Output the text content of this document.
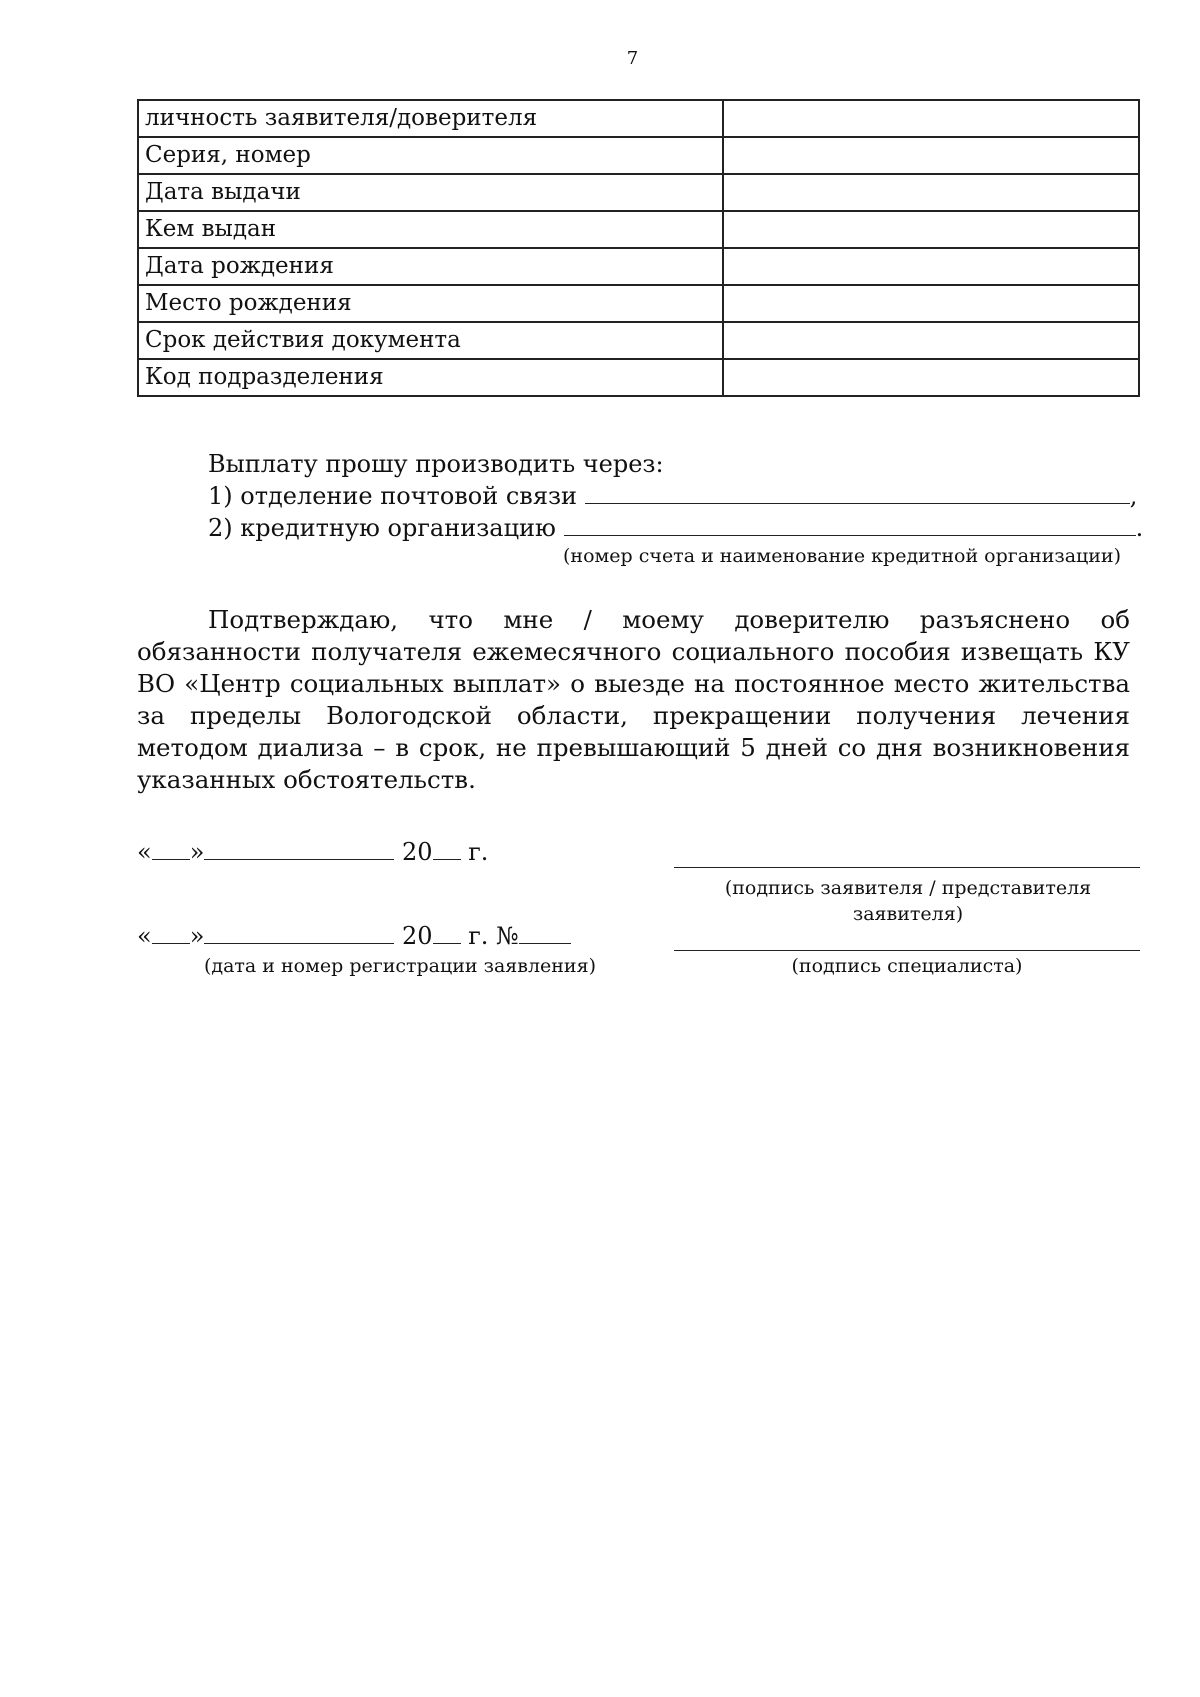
7
личность заявителя/доверителя	
Серия, номер	
Дата выдачи	
Кем выдан	
Дата рождения	
Место рождения	
Срок действия документа	
Код подразделения	
Выплату прошу производить через:
1) отделение почтовой связи	,
2) кредитную организацию	.
(номер счета и наименование кредитной организации)
Подтверждаю, что мне / моему доверителю разъяснено об обязанности получателя ежемесячного социального пособия извещать КУ ВО «Центр социальных выплат» о выезде на постоянное место жительства за пределы Вологодской области, прекращении получения лечения методом диализа – в срок, не превышающий 5 дней со дня возникновения указанных обстоятельств.
« »	20 г.
(подпись заявителя / представителя заявителя)
« »	20 г. №
(дата и номер регистрации заявления)	(подпись специалиста)
